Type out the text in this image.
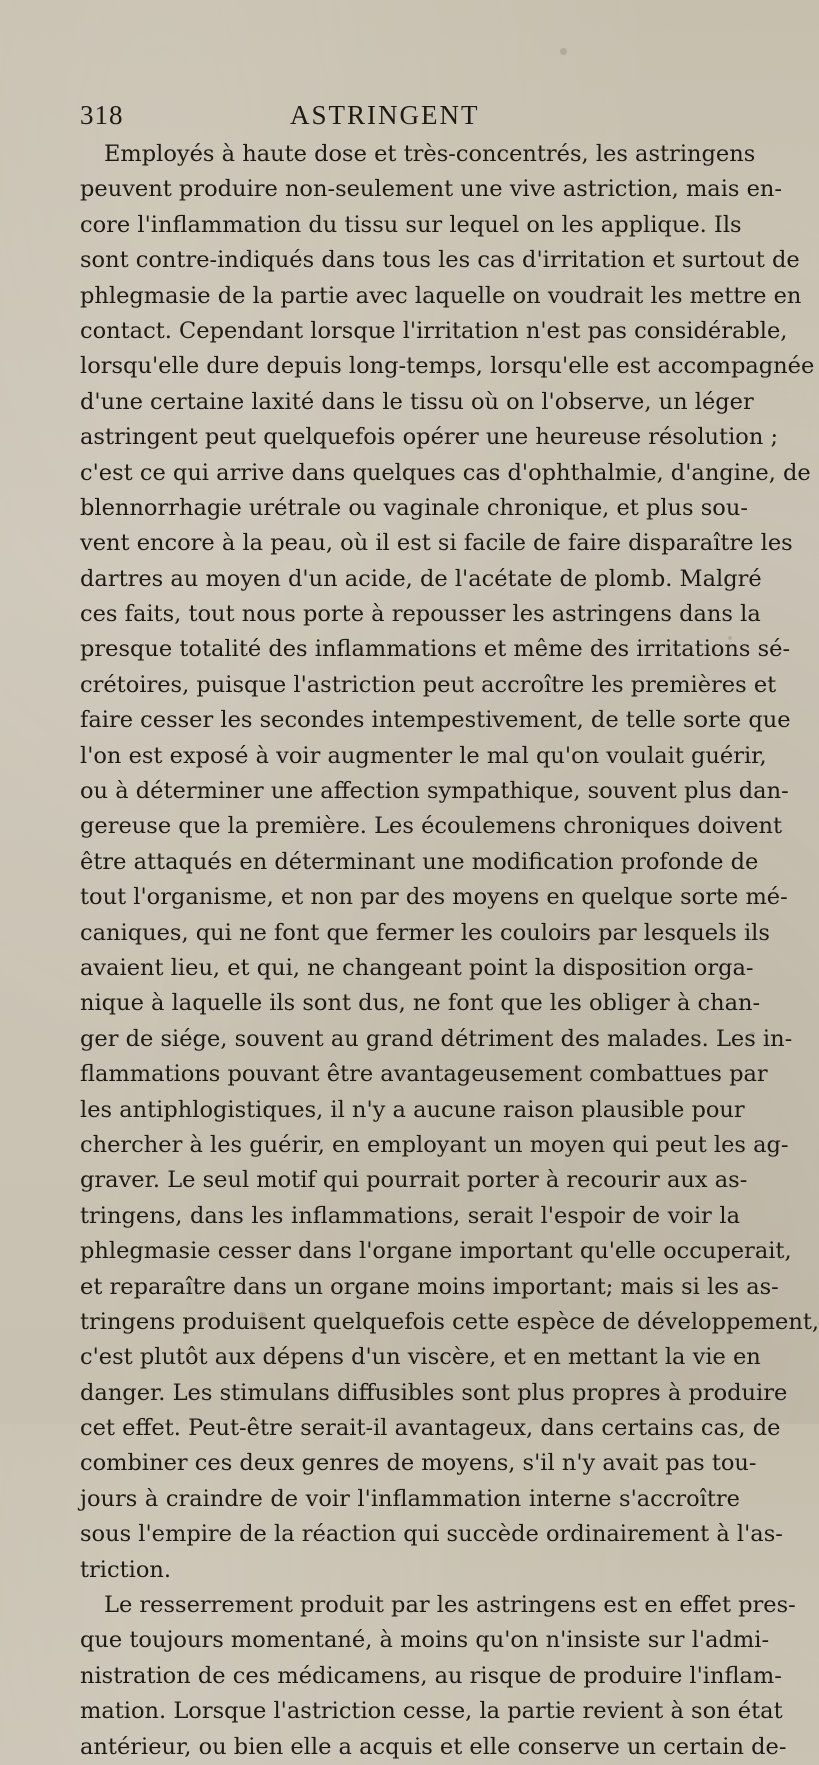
318	ASTRINGENT
Employés à haute dose et très-concentrés, les astringens
peuvent produire non-seulement une vive astriction, mais en-
core l'inflammation du tissu sur lequel on les applique. Ils
sont contre-indiqués dans tous les cas d'irritation et surtout de
phlegmasie de la partie avec laquelle on voudrait les mettre en
contact. Cependant lorsque l'irritation n'est pas considérable,
lorsqu'elle dure depuis long-temps, lorsqu'elle est accompagnée
d'une certaine laxité dans le tissu où on l'observe, un léger
astringent peut quelquefois opérer une heureuse résolution ;
c'est ce qui arrive dans quelques cas d'ophthalmie, d'angine, de
blennorrhagie urétrale ou vaginale chronique, et plus sou-
vent encore à la peau, où il est si facile de faire disparaître les
dartres au moyen d'un acide, de l'acétate de plomb. Malgré
ces faits, tout nous porte à repousser les astringens dans la
presque totalité des inflammations et même des irritations sé-
crétoires, puisque l'astriction peut accroître les premières et
faire cesser les secondes intempestivement, de telle sorte que
l'on est exposé à voir augmenter le mal qu'on voulait guérir,
ou à déterminer une affection sympathique, souvent plus dan-
gereuse que la première. Les écoulemens chroniques doivent
être attaqués en déterminant une modification profonde de
tout l'organisme, et non par des moyens en quelque sorte mé-
caniques, qui ne font que fermer les couloirs par lesquels ils
avaient lieu, et qui, ne changeant point la disposition orga-
nique à laquelle ils sont dus, ne font que les obliger à chan-
ger de siége, souvent au grand détriment des malades. Les in-
flammations pouvant être avantageusement combattues par
les antiphlogistiques, il n'y a aucune raison plausible pour
chercher à les guérir, en employant un moyen qui peut les ag-
graver. Le seul motif qui pourrait porter à recourir aux as-
tringens, dans les inflammations, serait l'espoir de voir la
phlegmasie cesser dans l'organe important qu'elle occuperait,
et reparaître dans un organe moins important; mais si les as-
tringens produisent quelquefois cette espèce de développement,
c'est plutôt aux dépens d'un viscère, et en mettant la vie en
danger. Les stimulans diffusibles sont plus propres à produire
cet effet. Peut-être serait-il avantageux, dans certains cas, de
combiner ces deux genres de moyens, s'il n'y avait pas tou-
jours à craindre de voir l'inflammation interne s'accroître
sous l'empire de la réaction qui succède ordinairement à l'as-
triction.
Le resserrement produit par les astringens est en effet pres-
que toujours momentané, à moins qu'on n'insiste sur l'admi-
nistration de ces médicamens, au risque de produire l'inflam-
mation. Lorsque l'astriction cesse, la partie revient à son état
antérieur, ou bien elle a acquis et elle conserve un certain de-
